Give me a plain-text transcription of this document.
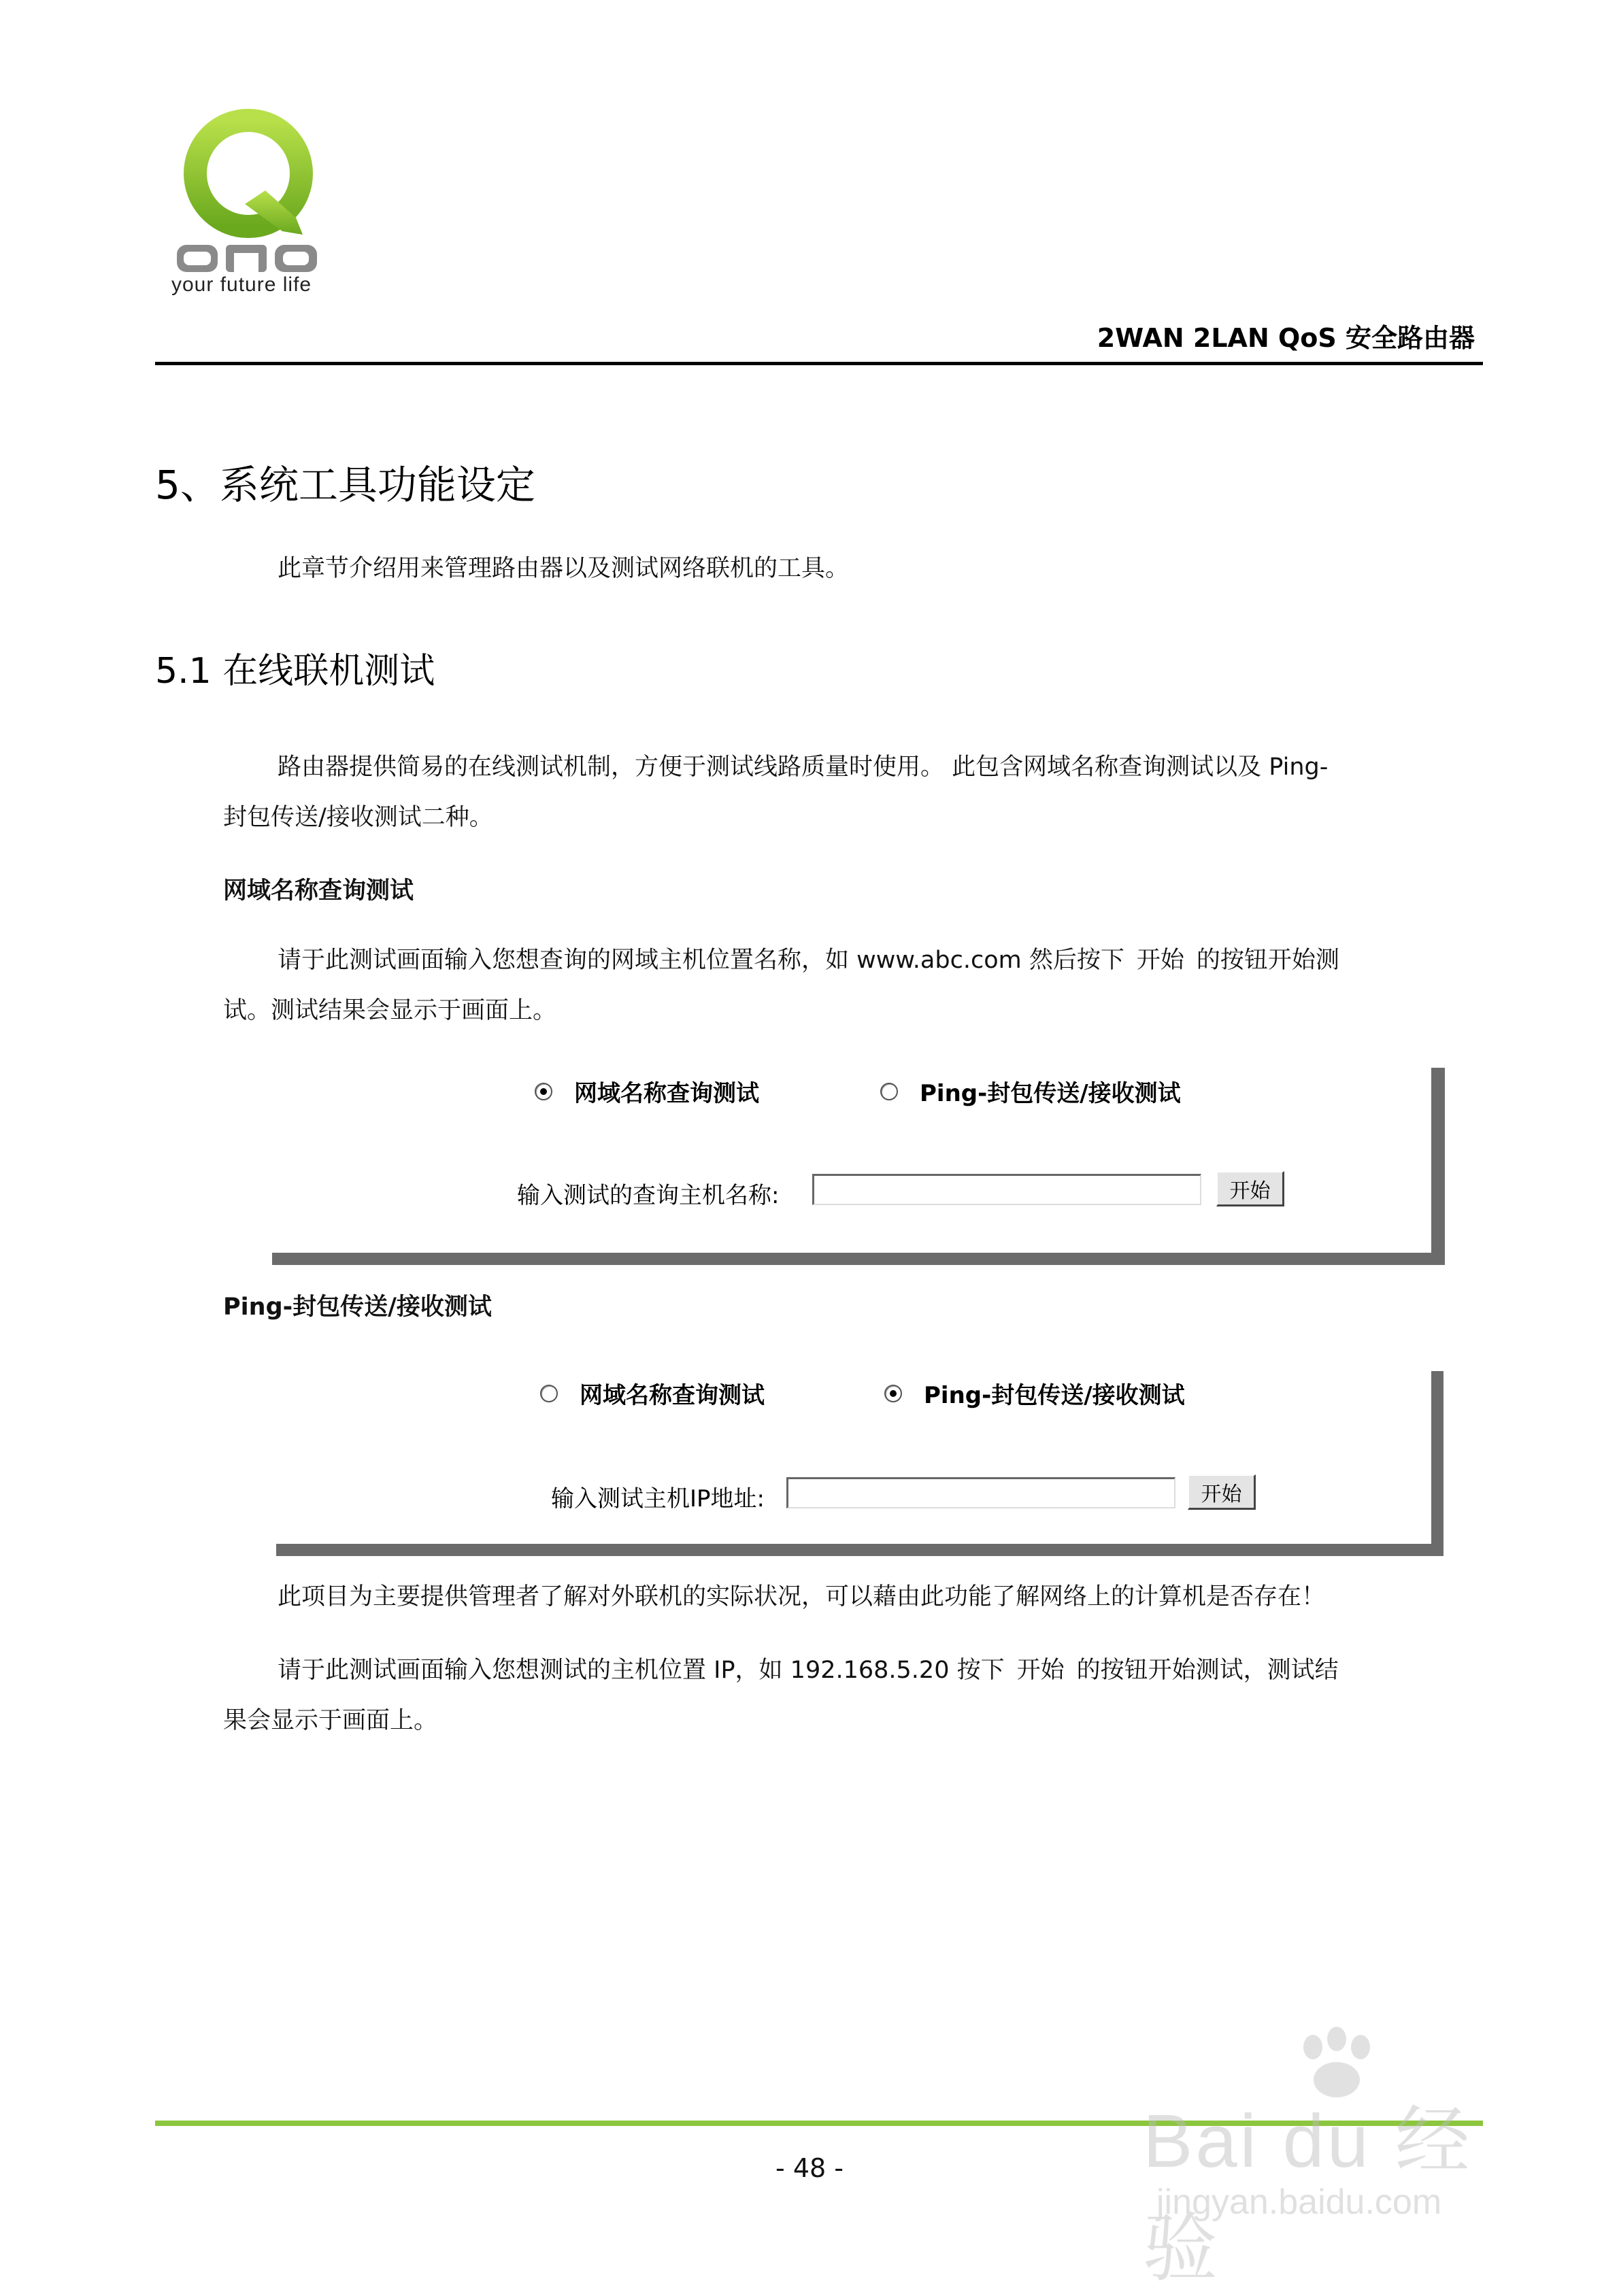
your future life
2WAN 2LAN QoS 安全路由器
5、系统工具功能设定
此章节介绍用来管理路由器以及测试网络联机的工具。
5.1 在线联机测试
路由器提供简易的在线测试机制，方便于测试线路质量时使用。 此包含网域名称查询测试以及 Ping-
封包传送/接收测试二种。
网域名称查询测试
请于此测试画面输入您想查询的网域主机位置名称，如 www.abc.com 然后按下 开始 的按钮开始测
试。测试结果会显示于画面上。
网域名称查询测试	Ping-封包传送/接收测试
输入测试的查询主机名称:	开始
Ping-封包传送/接收测试
网域名称查询测试	Ping-封包传送/接收测试
输入测试主机IP地址:	开始
此项目为主要提供管理者了解对外联机的实际状况，可以藉由此功能了解网络上的计算机是否存在！
请于此测试画面输入您想测试的主机位置 IP，如 192.168.5.20 按下 开始 的按钮开始测试，测试结
果会显示于画面上。
- 48 -	Bai du 经验
jingyan.baidu.com
